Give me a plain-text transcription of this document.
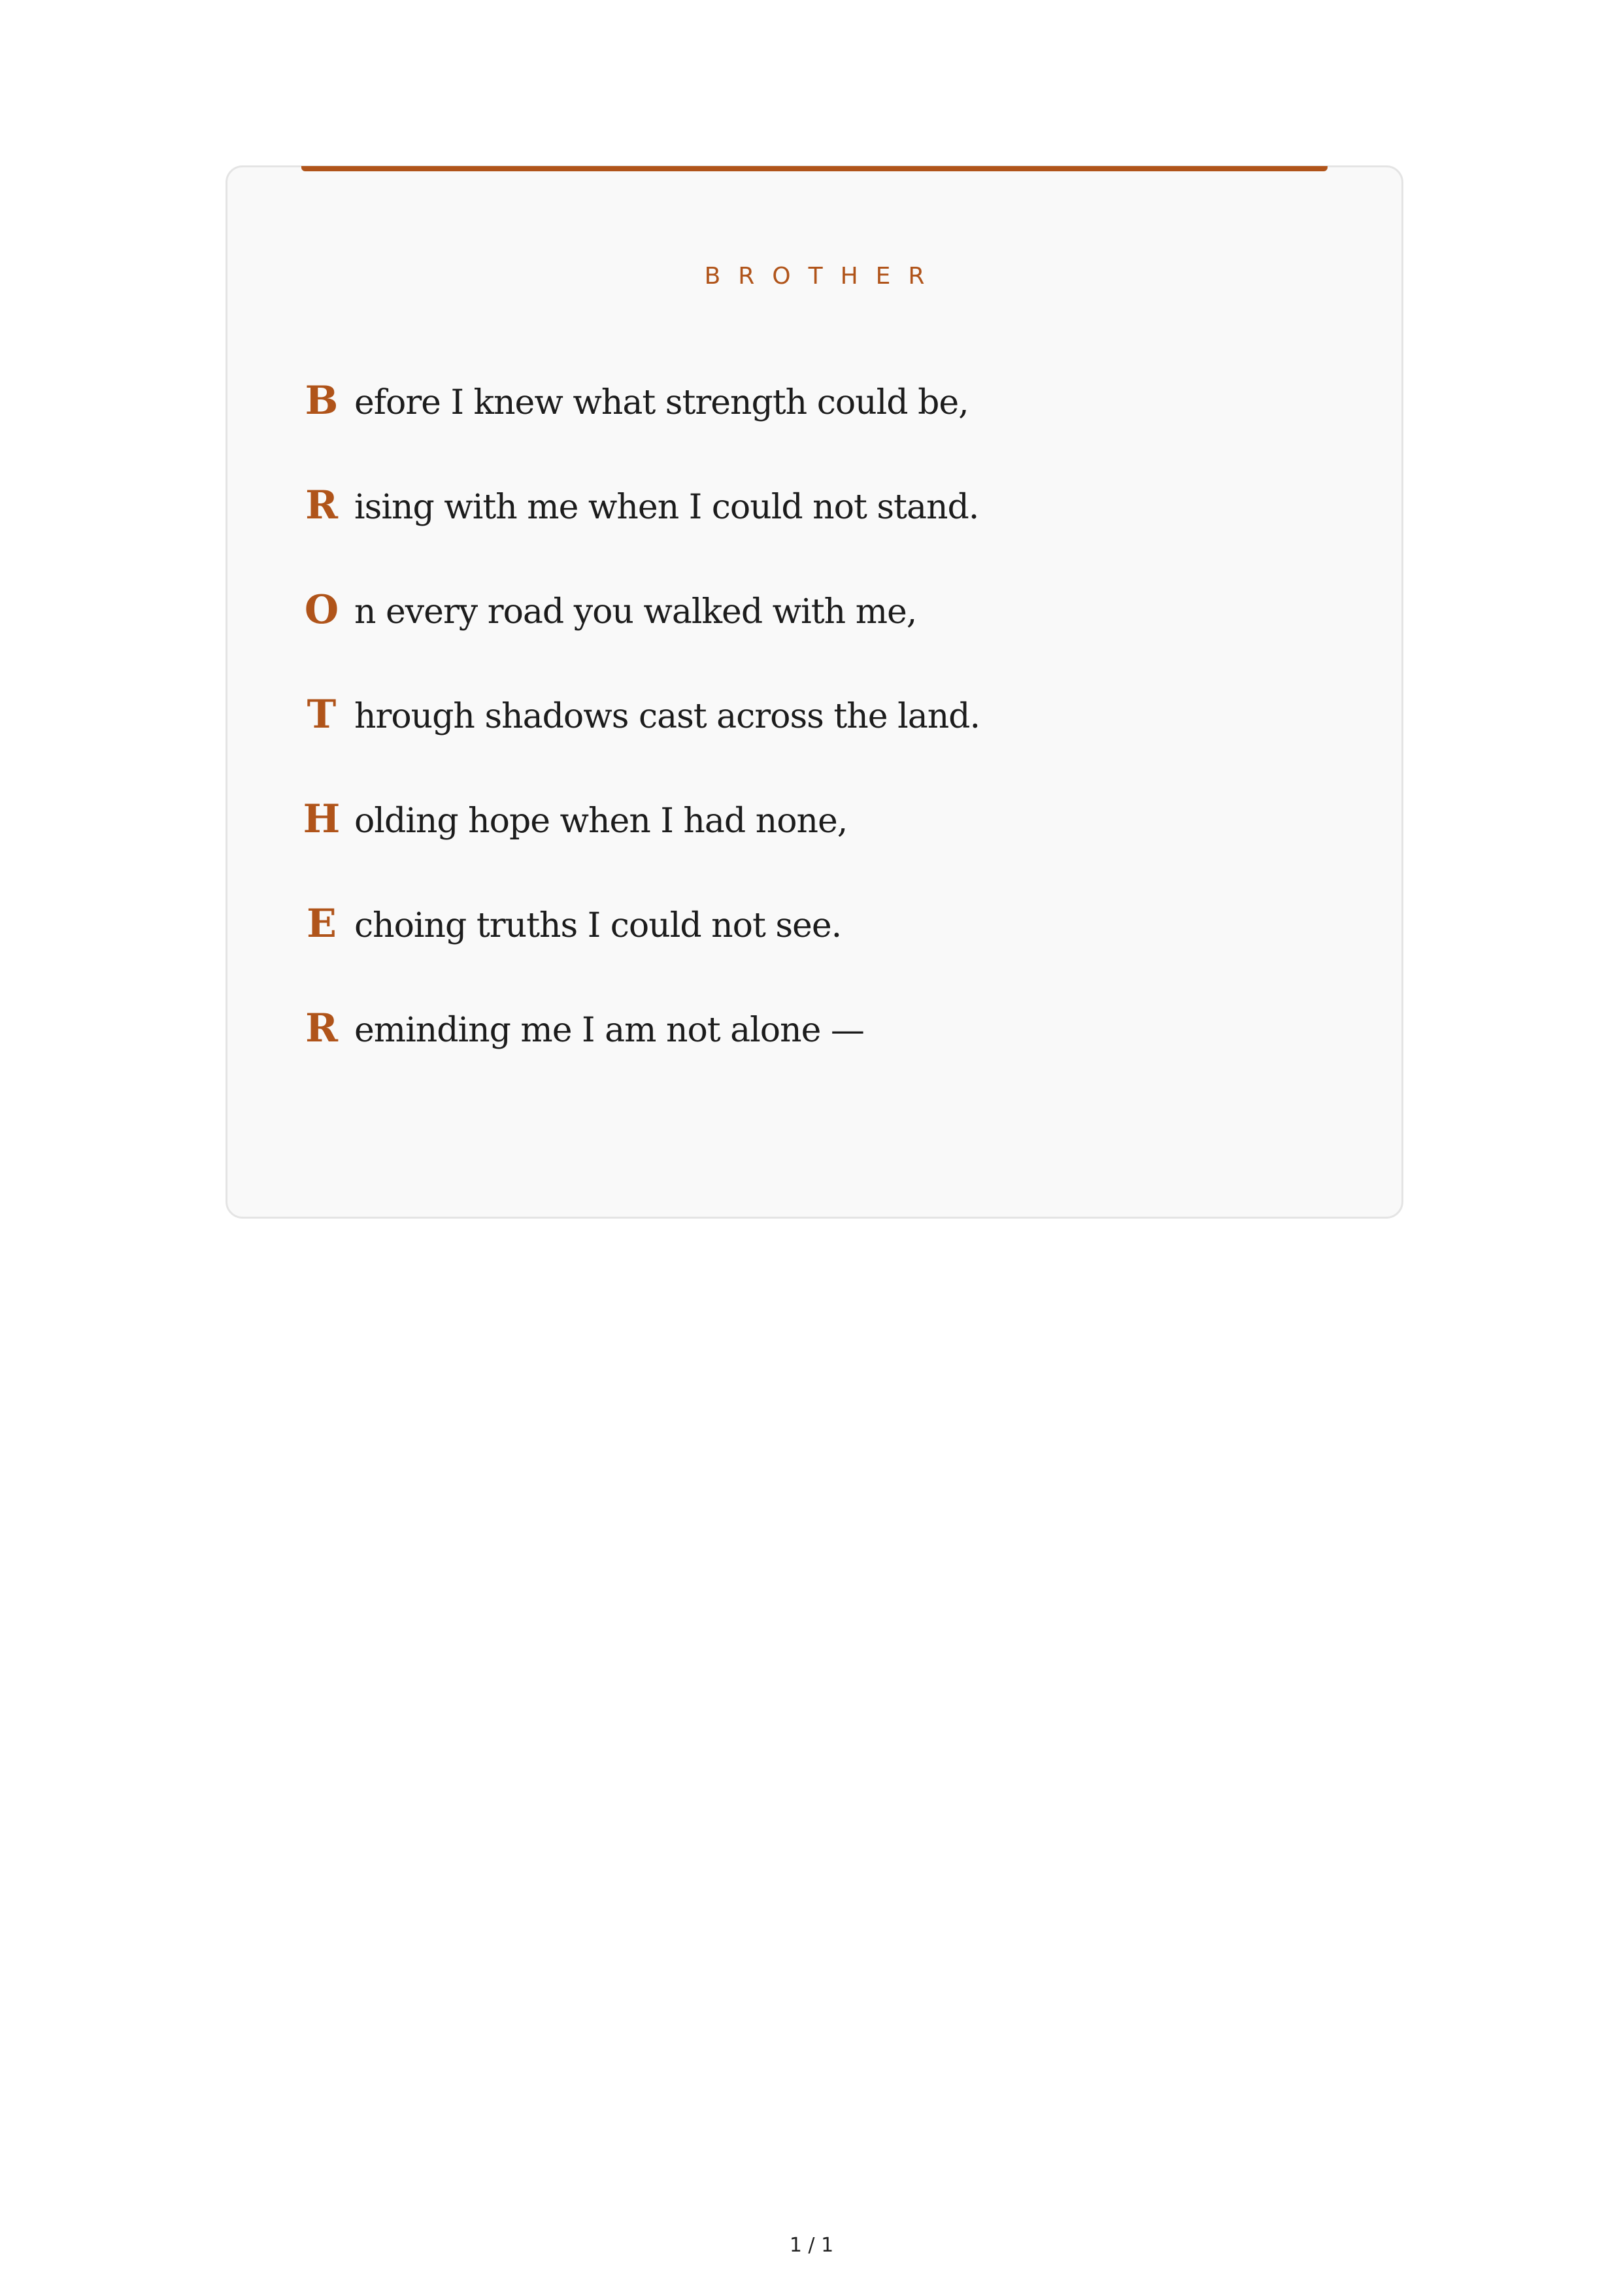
BROTHER
B efore I knew what strength could be,
R ising with me when I could not stand.
O n every road you walked with me,
T hrough shadows cast across the land.
H olding hope when I had none,
E choing truths I could not see.
R eminding me I am not alone —
1 / 1
